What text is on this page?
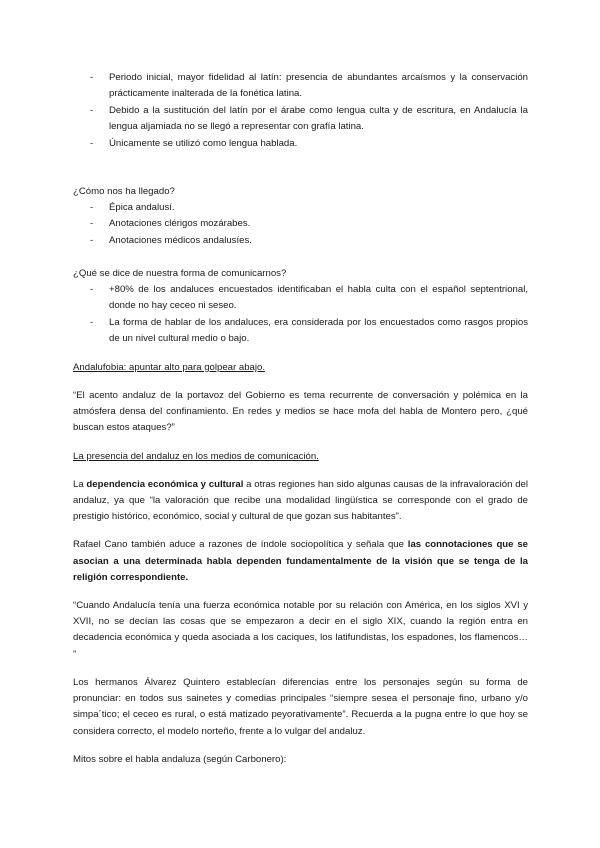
- Periodo inicial, mayor fidelidad al latín: presencia de abundantes arcaísmos y la conservación prácticamente inalterada de la fonética latina.
- Debido a la sustitución del latín por el árabe como lengua culta y de escritura, en Andalucía la lengua aljamiada no se llegó a representar con grafía latina.
- Únicamente se utilizó como lengua hablada.

¿Cómo nos ha llegado?

- Épica andalusí.
- Anotaciones clérigos mozárabes.
- Anotaciones médicos andalusíes.

¿Qué se dice de nuestra forma de comunicarnos?

- +80% de los andaluces encuestados identificaban el habla culta con el español septentrional, donde no hay ceceo ni seseo.
- La forma de hablar de los andaluces, era considerada por los encuestados como rasgos propios de un nivel cultural medio o bajo.

Andalufobia: apuntar alto para golpear abajo.

“El acento andaluz de la portavoz del Gobierno es tema recurrente de conversación y polémica en la atmósfera densa del confinamiento. En redes y medios se hace mofa del habla de Montero pero, ¿qué buscan estos ataques?”

La presencia del andaluz en los medios de comunicación.

La dependencia económica y cultural a otras regiones han sido algunas causas de la infravaloración del andaluz, ya que “la valoración que recibe una modalidad lingüística se corresponde con el grado de prestigio histórico, económico, social y cultural de que gozan sus habitantes”.

Rafael Cano también aduce a razones de índole sociopolítica y señala que las connotaciones que se asocian a una determinada habla dependen fundamentalmente de la visión que se tenga de la religión correspondiente.

“Cuando Andalucía tenía una fuerza económica notable por su relación con América, en los siglos XVI y XVII, no se decían las cosas que se empezaron a decir en el siglo XIX, cuando la región entra en decadencia económica y queda asociada a los caciques, los latifundistas, los espadones, los flamencos… ”

Los hermanos Álvarez Quintero establecían diferencias entre los personajes según su forma de pronunciar: en todos sus sainetes y comedias principales “siempre sesea el personaje fino, urbano y/o simpa´tico; el ceceo es rural, o está matizado peyorativamente”. Recuerda a la pugna entre lo que hoy se considera correcto, el modelo norteño, frente a lo vulgar del andaluz.

Mitos sobre el habla andaluza (según Carbonero):
